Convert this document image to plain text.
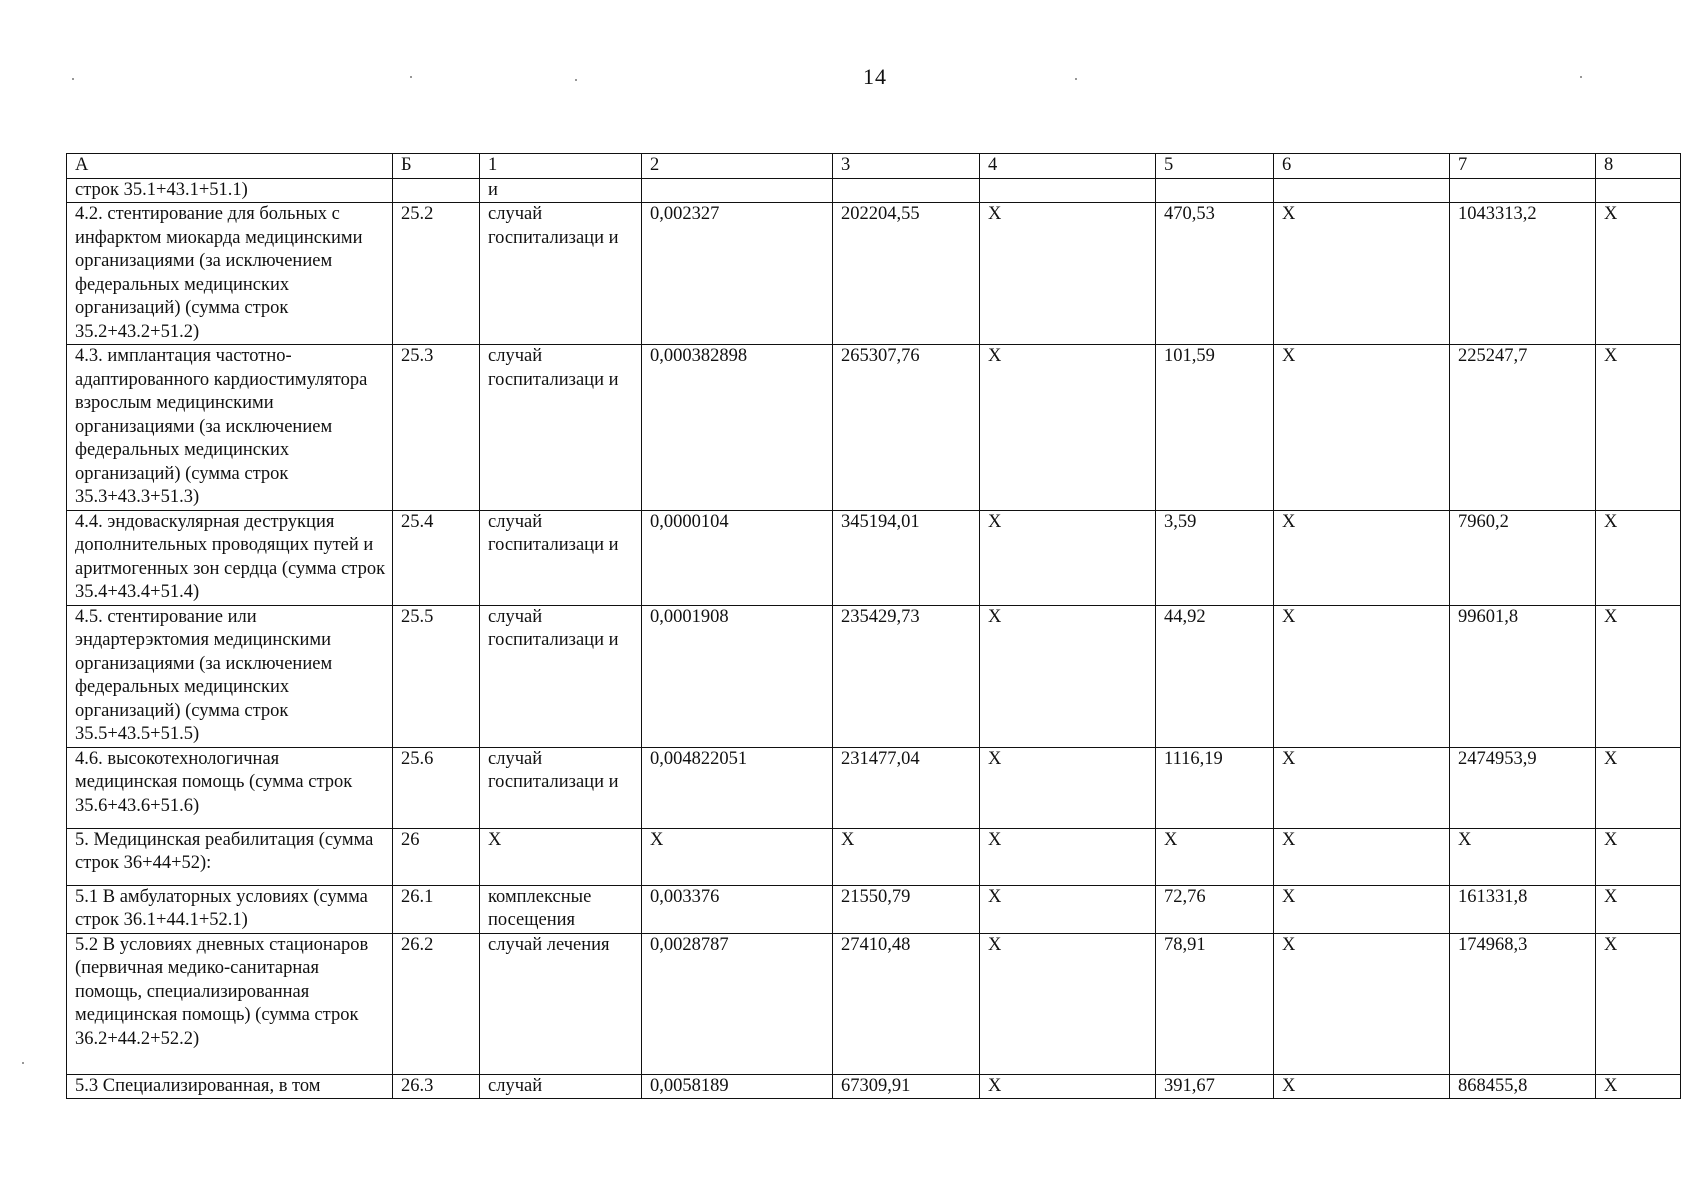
14
А	Б	1	2	3	4	5	6	7	8
строк 35.1+43.1+51.1)		и							
4.2. стентирование для больных с инфарктом миокарда медицинскими организациями (за исключением федеральных медицинских организаций) (сумма строк 35.2+43.2+51.2)	25.2	случай госпитализаци и	0,002327	202204,55	Х	470,53	Х	1043313,2	Х
4.3. имплантация частотно-адаптированного кардиостимулятора взрослым медицинскими организациями (за исключением федеральных медицинских организаций) (сумма строк 35.3+43.3+51.3)	25.3	случай госпитализаци и	0,000382898	265307,76	Х	101,59	Х	225247,7	Х
4.4. эндоваскулярная деструкция дополнительных проводящих путей и аритмогенных зон сердца (сумма строк 35.4+43.4+51.4)	25.4	случай госпитализаци и	0,0000104	345194,01	Х	3,59	Х	7960,2	Х
4.5. стентирование или эндартерэктомия медицинскими организациями (за исключением федеральных медицинских организаций) (сумма строк 35.5+43.5+51.5)	25.5	случай госпитализаци и	0,0001908	235429,73	Х	44,92	Х	99601,8	Х
4.6. высокотехнологичная медицинская помощь (сумма строк 35.6+43.6+51.6)	25.6	случай госпитализаци и	0,004822051	231477,04	Х	1116,19	Х	2474953,9	Х
5. Медицинская реабилитация (сумма строк 36+44+52):	26	Х	Х	Х	Х	Х	Х	Х	Х
5.1 В амбулаторных условиях (сумма строк 36.1+44.1+52.1)	26.1	комплексные посещения	0,003376	21550,79	Х	72,76	Х	161331,8	Х
5.2 В условиях дневных стационаров (первичная медико-санитарная помощь, специализированная медицинская помощь) (сумма строк 36.2+44.2+52.2)	26.2	случай лечения	0,0028787	27410,48	Х	78,91	Х	174968,3	Х
5.3 Специализированная, в том	26.3	случай	0,0058189	67309,91	Х	391,67	Х	868455,8	Х
